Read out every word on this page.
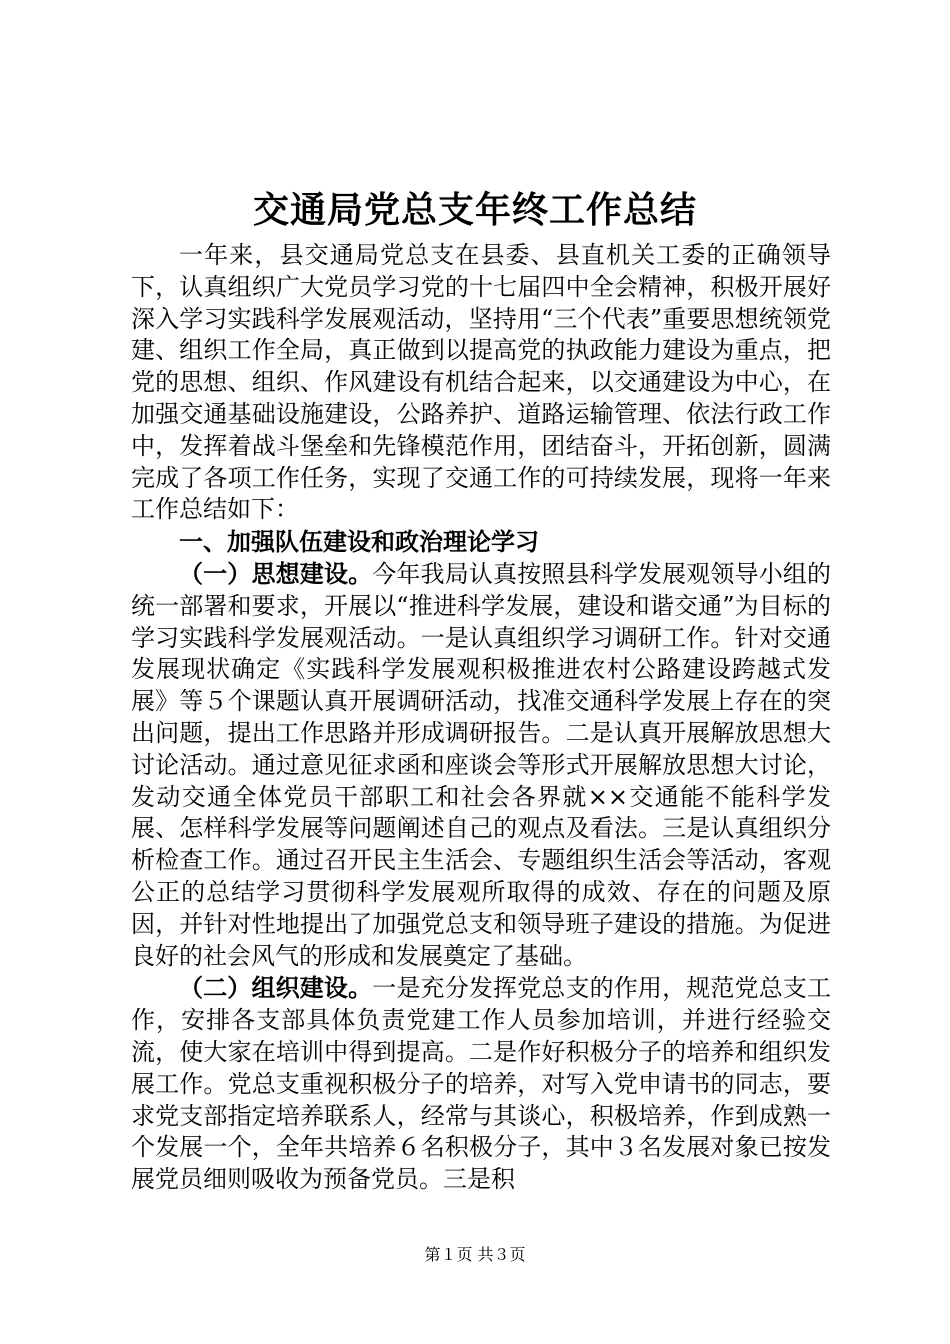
交通局党总支年终工作总结

一年来，县交通局党总支在县委、县直机关工委的正确领导下，认真组织广大党员学习党的十七届四中全会精神，积极开展好深入学习实践科学发展观活动，坚持用“三个代表”重要思想统领党建、组织工作全局，真正做到以提高党的执政能力建设为重点，把党的思想、组织、作风建设有机结合起来，以交通建设为中心，在加强交通基础设施建设，公路养护、道路运输管理、依法行政工作中，发挥着战斗堡垒和先锋模范作用，团结奋斗，开拓创新，圆满完成了各项工作任务，实现了交通工作的可持续发展，现将一年来工作总结如下：

一、加强队伍建设和政治理论学习

（一）思想建设。今年我局认真按照县科学发展观领导小组的统一部署和要求，开展以“推进科学发展，建设和谐交通”为目标的学习实践科学发展观活动。一是认真组织学习调研工作。针对交通发展现状确定《实践科学发展观积极推进农村公路建设跨越式发展》等５个课题认真开展调研活动，找准交通科学发展上存在的突出问题，提出工作思路并形成调研报告。二是认真开展解放思想大讨论活动。通过意见征求函和座谈会等形式开展解放思想大讨论，发动交通全体党员干部职工和社会各界就××交通能不能科学发展、怎样科学发展等问题阐述自己的观点及看法。三是认真组织分析检查工作。通过召开民主生活会、专题组织生活会等活动，客观公正的总结学习贯彻科学发展观所取得的成效、存在的问题及原因，并针对性地提出了加强党总支和领导班子建设的措施。为促进良好的社会风气的形成和发展奠定了基础。

（二）组织建设。一是充分发挥党总支的作用，规范党总支工作，安排各支部具体负责党建工作人员参加培训，并进行经验交流，使大家在培训中得到提高。二是作好积极分子的培养和组织发展工作。党总支重视积极分子的培养，对写入党申请书的同志，要求党支部指定培养联系人，经常与其谈心，积极培养，作到成熟一个发展一个，全年共培养６名积极分子，其中３名发展对象已按发展党员细则吸收为预备党员。三是积

第１页 共３页
